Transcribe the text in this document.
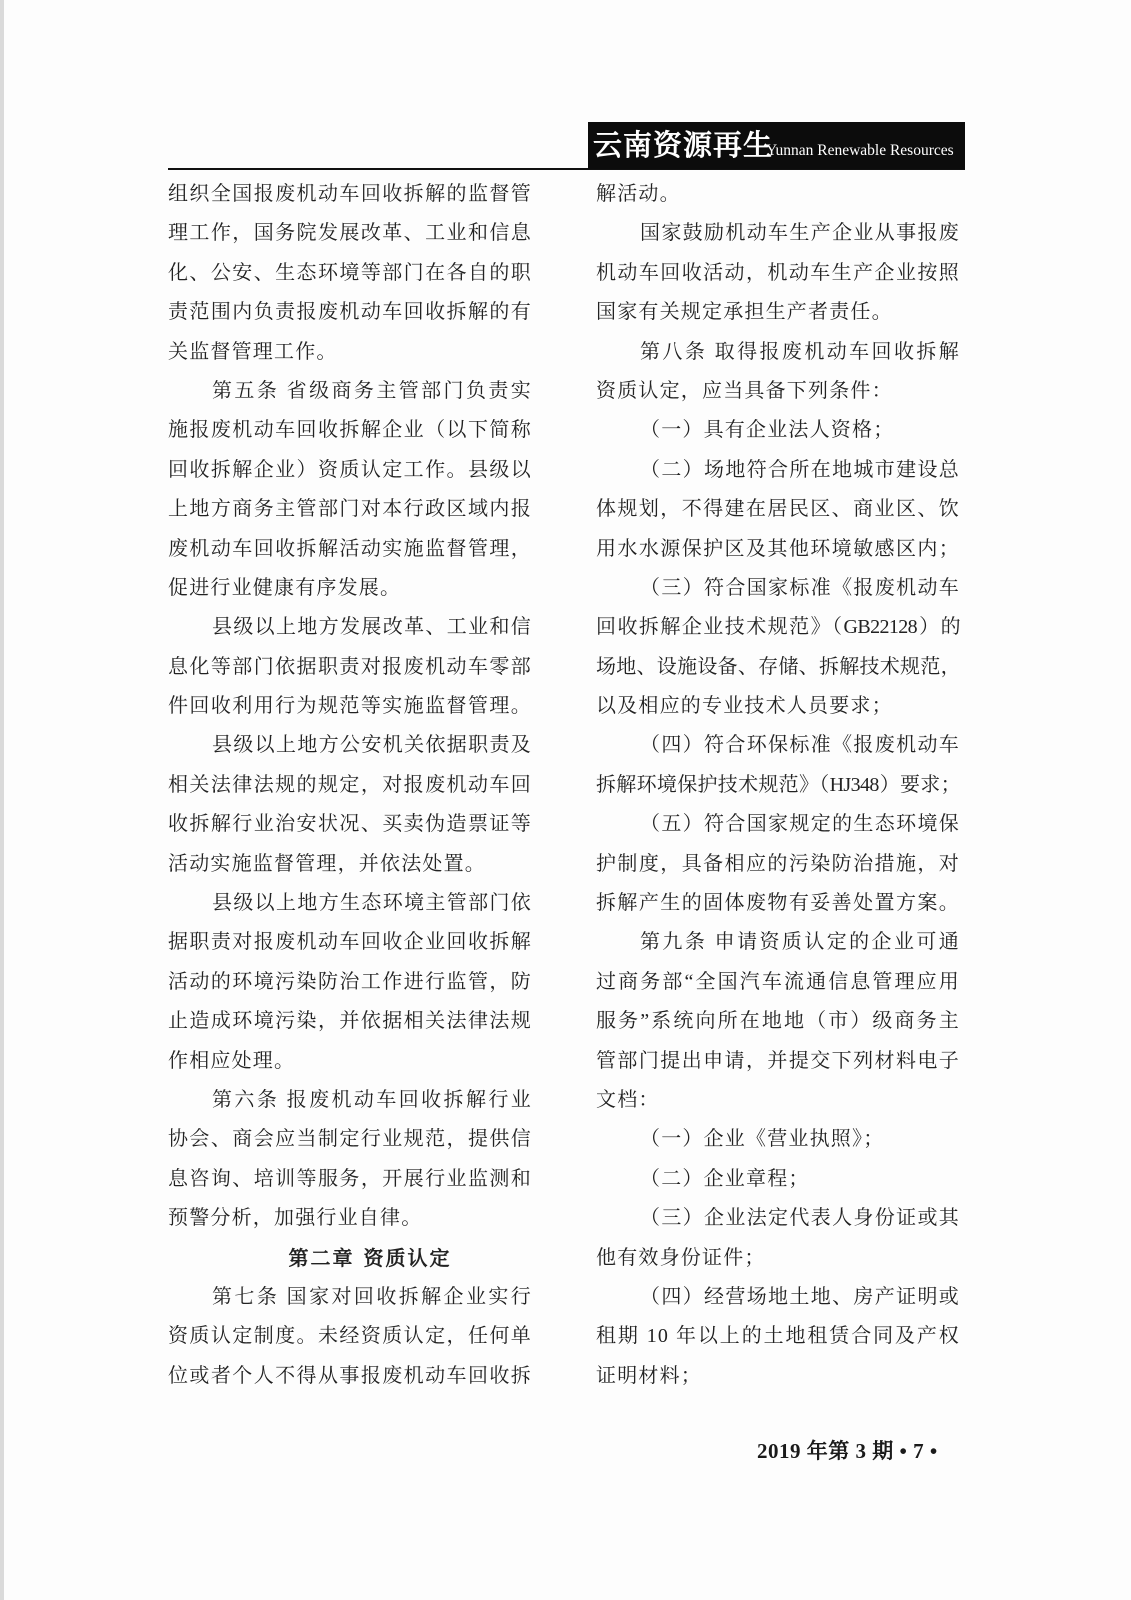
云南资源再生
Yunnan Renewable Resources
组织全国报废机动车回收拆解的监督管
理工作，国务院发展改革、工业和信息
化、公安、生态环境等部门在各自的职
责范围内负责报废机动车回收拆解的有
关监督管理工作。
第五条 省级商务主管部门负责实
施报废机动车回收拆解企业（以下简称
回收拆解企业）资质认定工作。县级以
上地方商务主管部门对本行政区域内报
废机动车回收拆解活动实施监督管理，
促进行业健康有序发展。
县级以上地方发展改革、工业和信
息化等部门依据职责对报废机动车零部
件回收利用行为规范等实施监督管理。
县级以上地方公安机关依据职责及
相关法律法规的规定，对报废机动车回
收拆解行业治安状况、买卖伪造票证等
活动实施监督管理，并依法处置。
县级以上地方生态环境主管部门依
据职责对报废机动车回收企业回收拆解
活动的环境污染防治工作进行监管，防
止造成环境污染，并依据相关法律法规
作相应处理。
第六条 报废机动车回收拆解行业
协会、商会应当制定行业规范，提供信
息咨询、培训等服务，开展行业监测和
预警分析，加强行业自律。
第二章 资质认定
第七条 国家对回收拆解企业实行
资质认定制度。未经资质认定，任何单
位或者个人不得从事报废机动车回收拆
解活动。
国家鼓励机动车生产企业从事报废
机动车回收活动，机动车生产企业按照
国家有关规定承担生产者责任。
第八条 取得报废机动车回收拆解
资质认定，应当具备下列条件：
（一）具有企业法人资格；
（二）场地符合所在地城市建设总
体规划，不得建在居民区、商业区、饮
用水水源保护区及其他环境敏感区内；
（三）符合国家标准《报废机动车
回收拆解企业技术规范》（GB22128）的
场地、设施设备、存储、拆解技术规范，
以及相应的专业技术人员要求；
（四）符合环保标准《报废机动车
拆解环境保护技术规范》（HJ348）要求；
（五）符合国家规定的生态环境保
护制度，具备相应的污染防治措施，对
拆解产生的固体废物有妥善处置方案。
第九条 申请资质认定的企业可通
过商务部“全国汽车流通信息管理应用
服务”系统向所在地地（市）级商务主
管部门提出申请，并提交下列材料电子
文档：
（一）企业《营业执照》；
（二）企业章程；
（三）企业法定代表人身份证或其
他有效身份证件；
（四）经营场地土地、房产证明或
租期 10 年以上的土地租赁合同及产权
证明材料；
2019 年第 3 期 • 7 •
